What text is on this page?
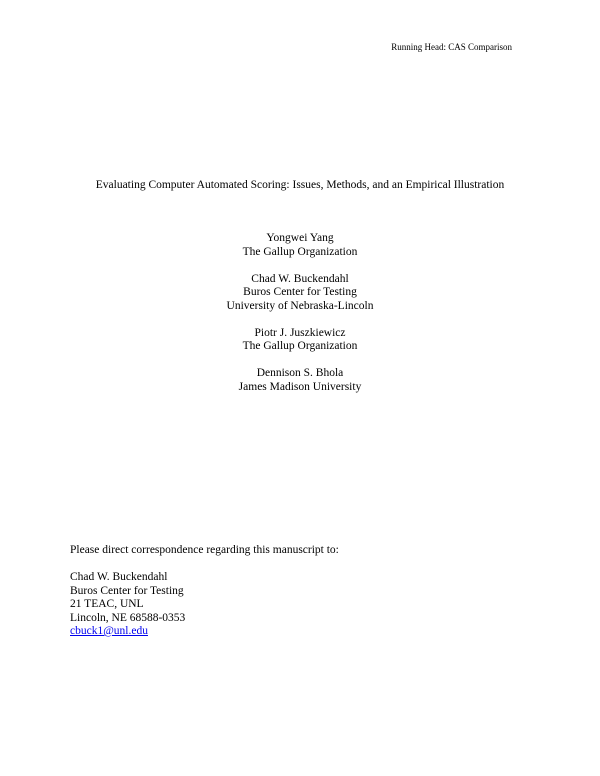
Running Head: CAS Comparison
Evaluating Computer Automated Scoring: Issues, Methods, and an Empirical Illustration
Yongwei Yang
The Gallup Organization
Chad W. Buckendahl
Buros Center for Testing
University of Nebraska-Lincoln
Piotr J. Juszkiewicz
The Gallup Organization
Dennison S. Bhola
James Madison University
Please direct correspondence regarding this manuscript to:
Chad W. Buckendahl
Buros Center for Testing
21 TEAC, UNL
Lincoln, NE 68588-0353
cbuck1@unl.edu
